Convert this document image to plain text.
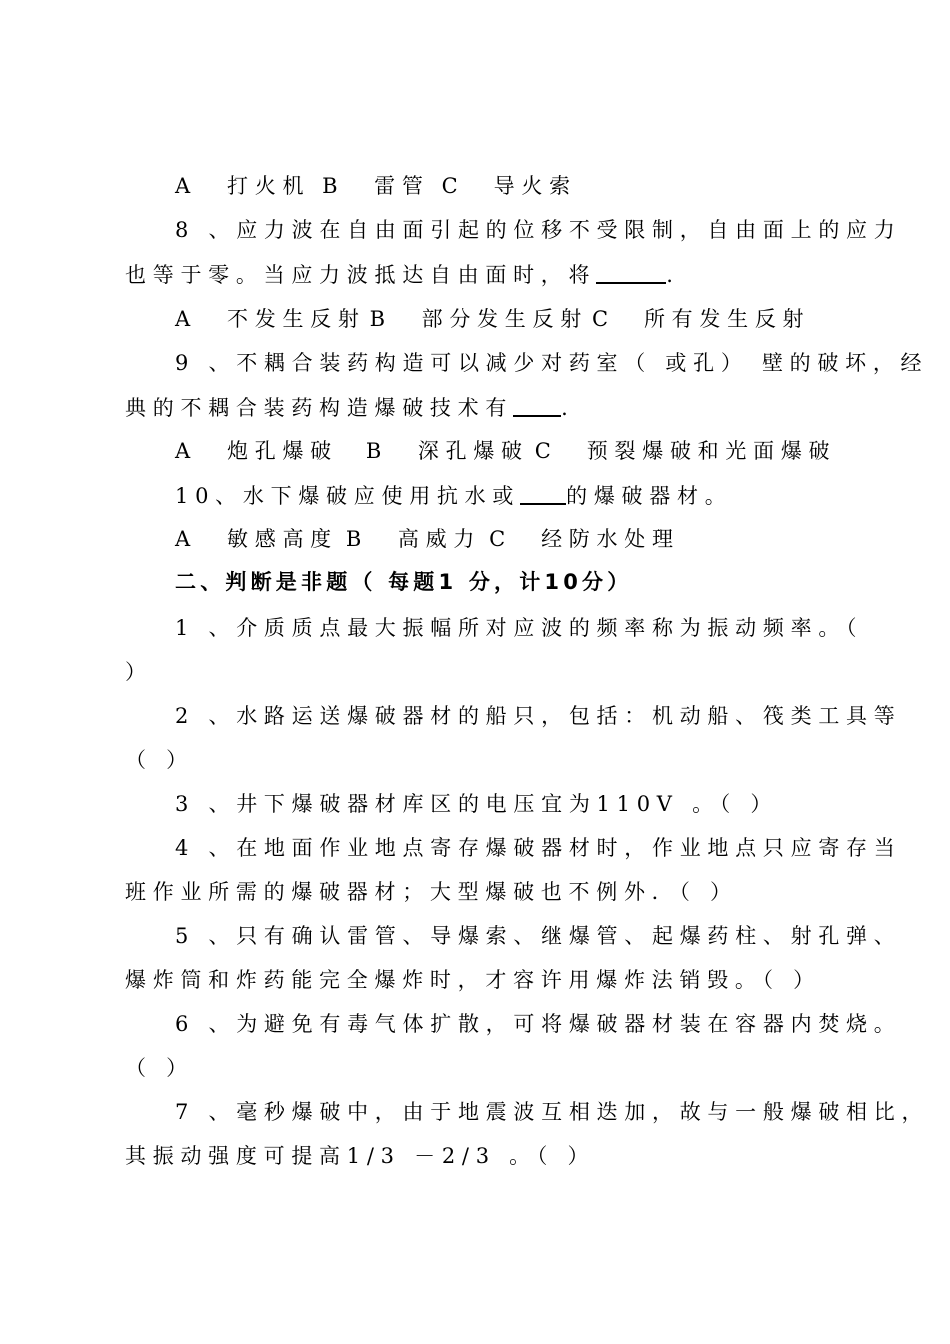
A 打火机 B 雷管 C 导火索
8 、应力波在自由面引起的位移不受限制，自由面上的应力
也等于零。当应力波抵达自由面时，将	.
A 不发生反射 B 部分发生反射 C 所有发生反射
9 、不耦合装药构造可以减少对药室（ 或孔） 壁的破坏，经
典的不耦合装药构造爆破技术有 .
A 炮孔爆破 B 深孔爆破 C 预裂爆破和光面爆破
10、水下爆破应使用抗水或 的爆破器材。
A 敏感高度 B 高威力 C 经防水处理
二、判断是非题（ 每题1 分，计10分）
1 、介质质点最大振幅所对应波的频率称为振动频率。（
）
2 、水路运送爆破器材的船只，包括：机动船、筏类工具等
（ ）
3 、井下爆破器材库区的电压宜为110V 。（ ）
4 、在地面作业地点寄存爆破器材时，作业地点只应寄存当
班作业所需的爆破器材；大型爆破也不例外．（ ）
5 、只有确认雷管、导爆索、继爆管、起爆药柱、射孔弹、
爆炸筒和炸药能完全爆炸时，才容许用爆炸法销毁。（ ）
6 、为避免有毒气体扩散，可将爆破器材装在容器内焚烧。
（ ）
7 、毫秒爆破中，由于地震波互相迭加，故与一般爆破相比，
其振动强度可提高1/3 －2/3 。（ ）
